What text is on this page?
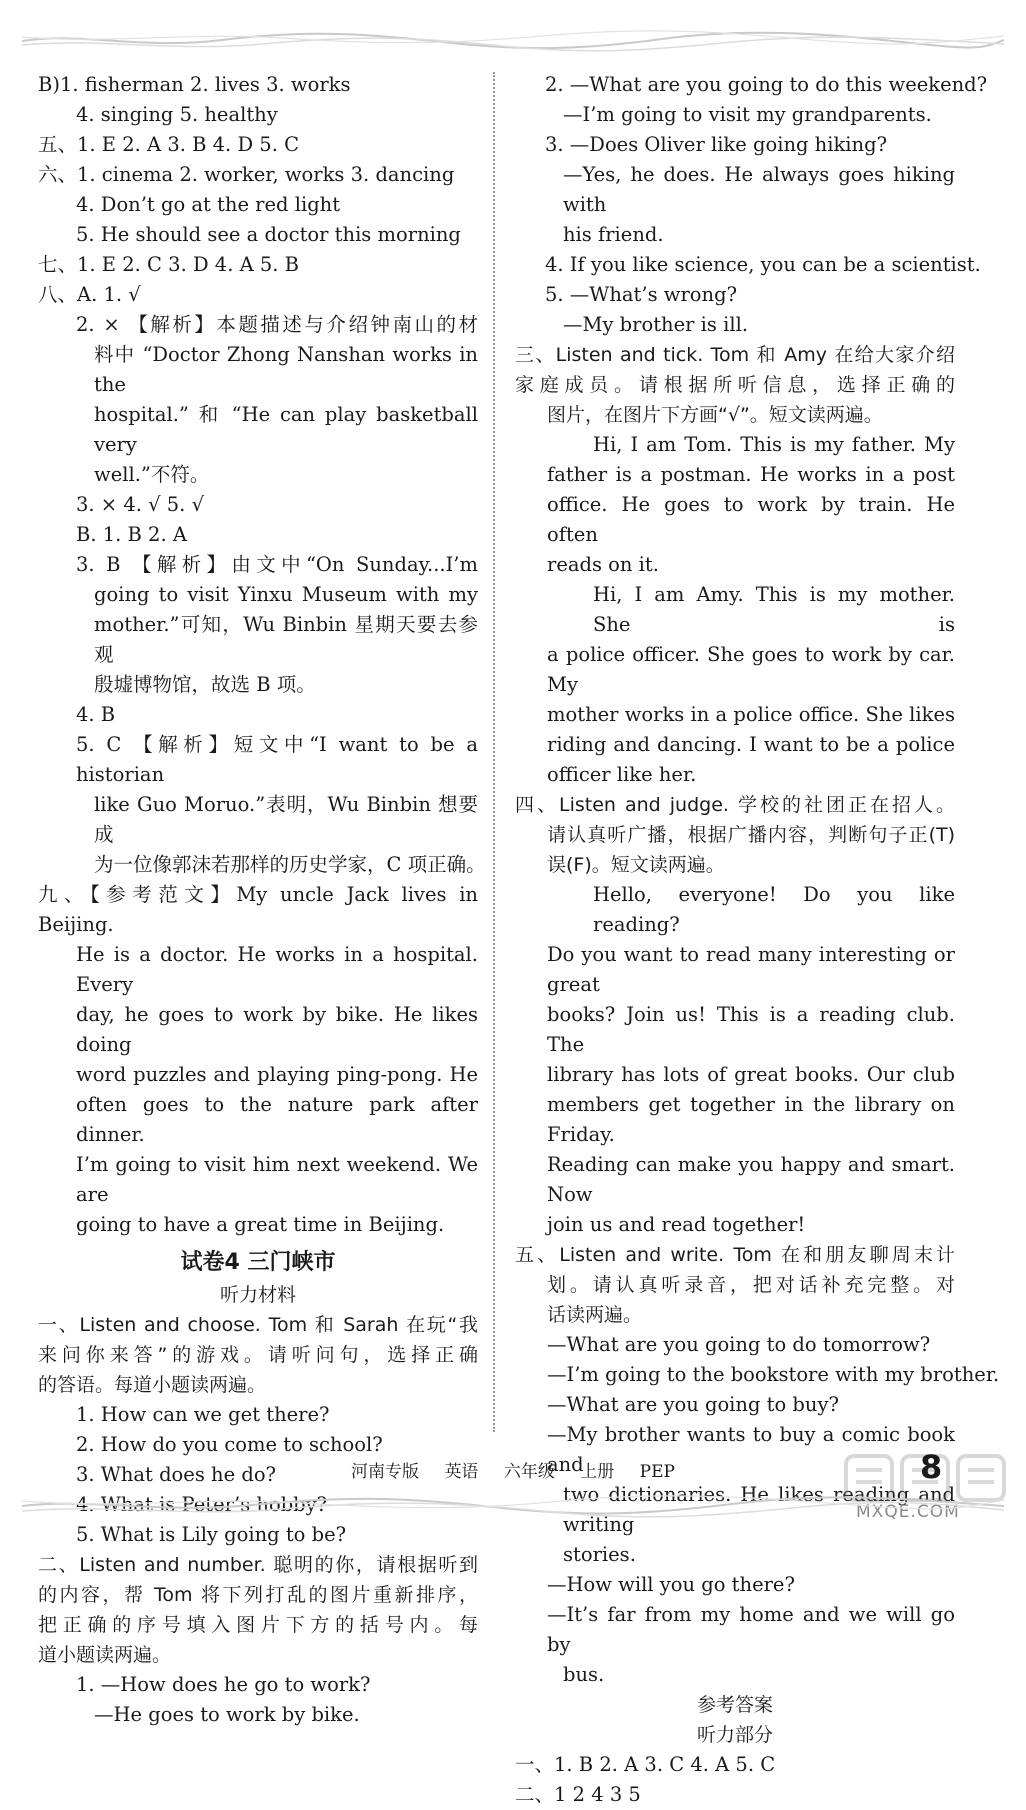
B)1. fisherman 2. lives 3. works
4. singing 5. healthy
五、1. E 2. A 3. B 4. D 5. C
六、1. cinema 2. worker, works 3. dancing
4. Don’t go at the red light
5. He should see a doctor this morning
七、1. E 2. C 3. D 4. A 5. B
八、A. 1. √
2. × 【解析】本题描述与介绍钟南山的材
料中 “Doctor Zhong Nanshan works in the
hospital.” 和 “He can play basketball very
well.”不符。
3. × 4. √ 5. √
B. 1. B 2. A
3. B 【解析】由文中“On Sunday...I’m
going to visit Yinxu Museum with my
mother.”可知，Wu Binbin 星期天要去参观
殷墟博物馆，故选 B 项。
4. B
5. C 【解析】短文中“I want to be a historian
like Guo Moruo.”表明，Wu Binbin 想要成
为一位像郭沫若那样的历史学家，C 项正确。
九、【参考范文】My uncle Jack lives in Beijing.
He is a doctor. He works in a hospital. Every
day, he goes to work by bike. He likes doing
word puzzles and playing ping-pong. He
often goes to the nature park after dinner.
I’m going to visit him next weekend. We are
going to have a great time in Beijing.
试卷4 三门峡市
听力材料
一、Listen and choose. Tom 和 Sarah 在玩“我
来问你来答”的游戏。请听问句，选择正确
的答语。每道小题读两遍。
1. How can we get there?
2. How do you come to school?
3. What does he do?
4. What is Peter’s hobby?
5. What is Lily going to be?
二、Listen and number. 聪明的你，请根据听到
的内容，帮 Tom 将下列打乱的图片重新排序，
把正确的序号填入图片下方的括号内。每
道小题读两遍。
1. —How does he go to work?
—He goes to work by bike.
2. —What are you going to do this weekend?
—I’m going to visit my grandparents.
3. —Does Oliver like going hiking?
—Yes, he does. He always goes hiking with
his friend.
4. If you like science, you can be a scientist.
5. —What’s wrong?
—My brother is ill.
三、Listen and tick. Tom 和 Amy 在给大家介绍
家庭成员。请根据所听信息，选择正确的
图片，在图片下方画“√”。短文读两遍。
Hi, I am Tom. This is my father. My
father is a postman. He works in a post
office. He goes to work by train. He often
reads on it.
Hi, I am Amy. This is my mother. She is
a police officer. She goes to work by car. My
mother works in a police office. She likes
riding and dancing. I want to be a police
officer like her.
四、Listen and judge. 学校的社团正在招人。
请认真听广播，根据广播内容，判断句子正(T)
误(F)。短文读两遍。
Hello, everyone! Do you like reading?
Do you want to read many interesting or great
books? Join us! This is a reading club. The
library has lots of great books. Our club
members get together in the library on Friday.
Reading can make you happy and smart. Now
join us and read together!
五、Listen and write. Tom 在和朋友聊周末计
划。请认真听录音，把对话补充完整。对
话读两遍。
—What are you going to do tomorrow?
—I’m going to the bookstore with my brother.
—What are you going to buy?
—My brother wants to buy a comic book and
two dictionaries. He likes reading and writing
stories.
—How will you go there?
—It’s far from my home and we will go by
bus.
参考答案
听力部分
一、1. B 2. A 3. C 4. A 5. C
二、1 2 4 3 5
河南专版 英语 六年级 上册 PEP
MXQE.COM
8
